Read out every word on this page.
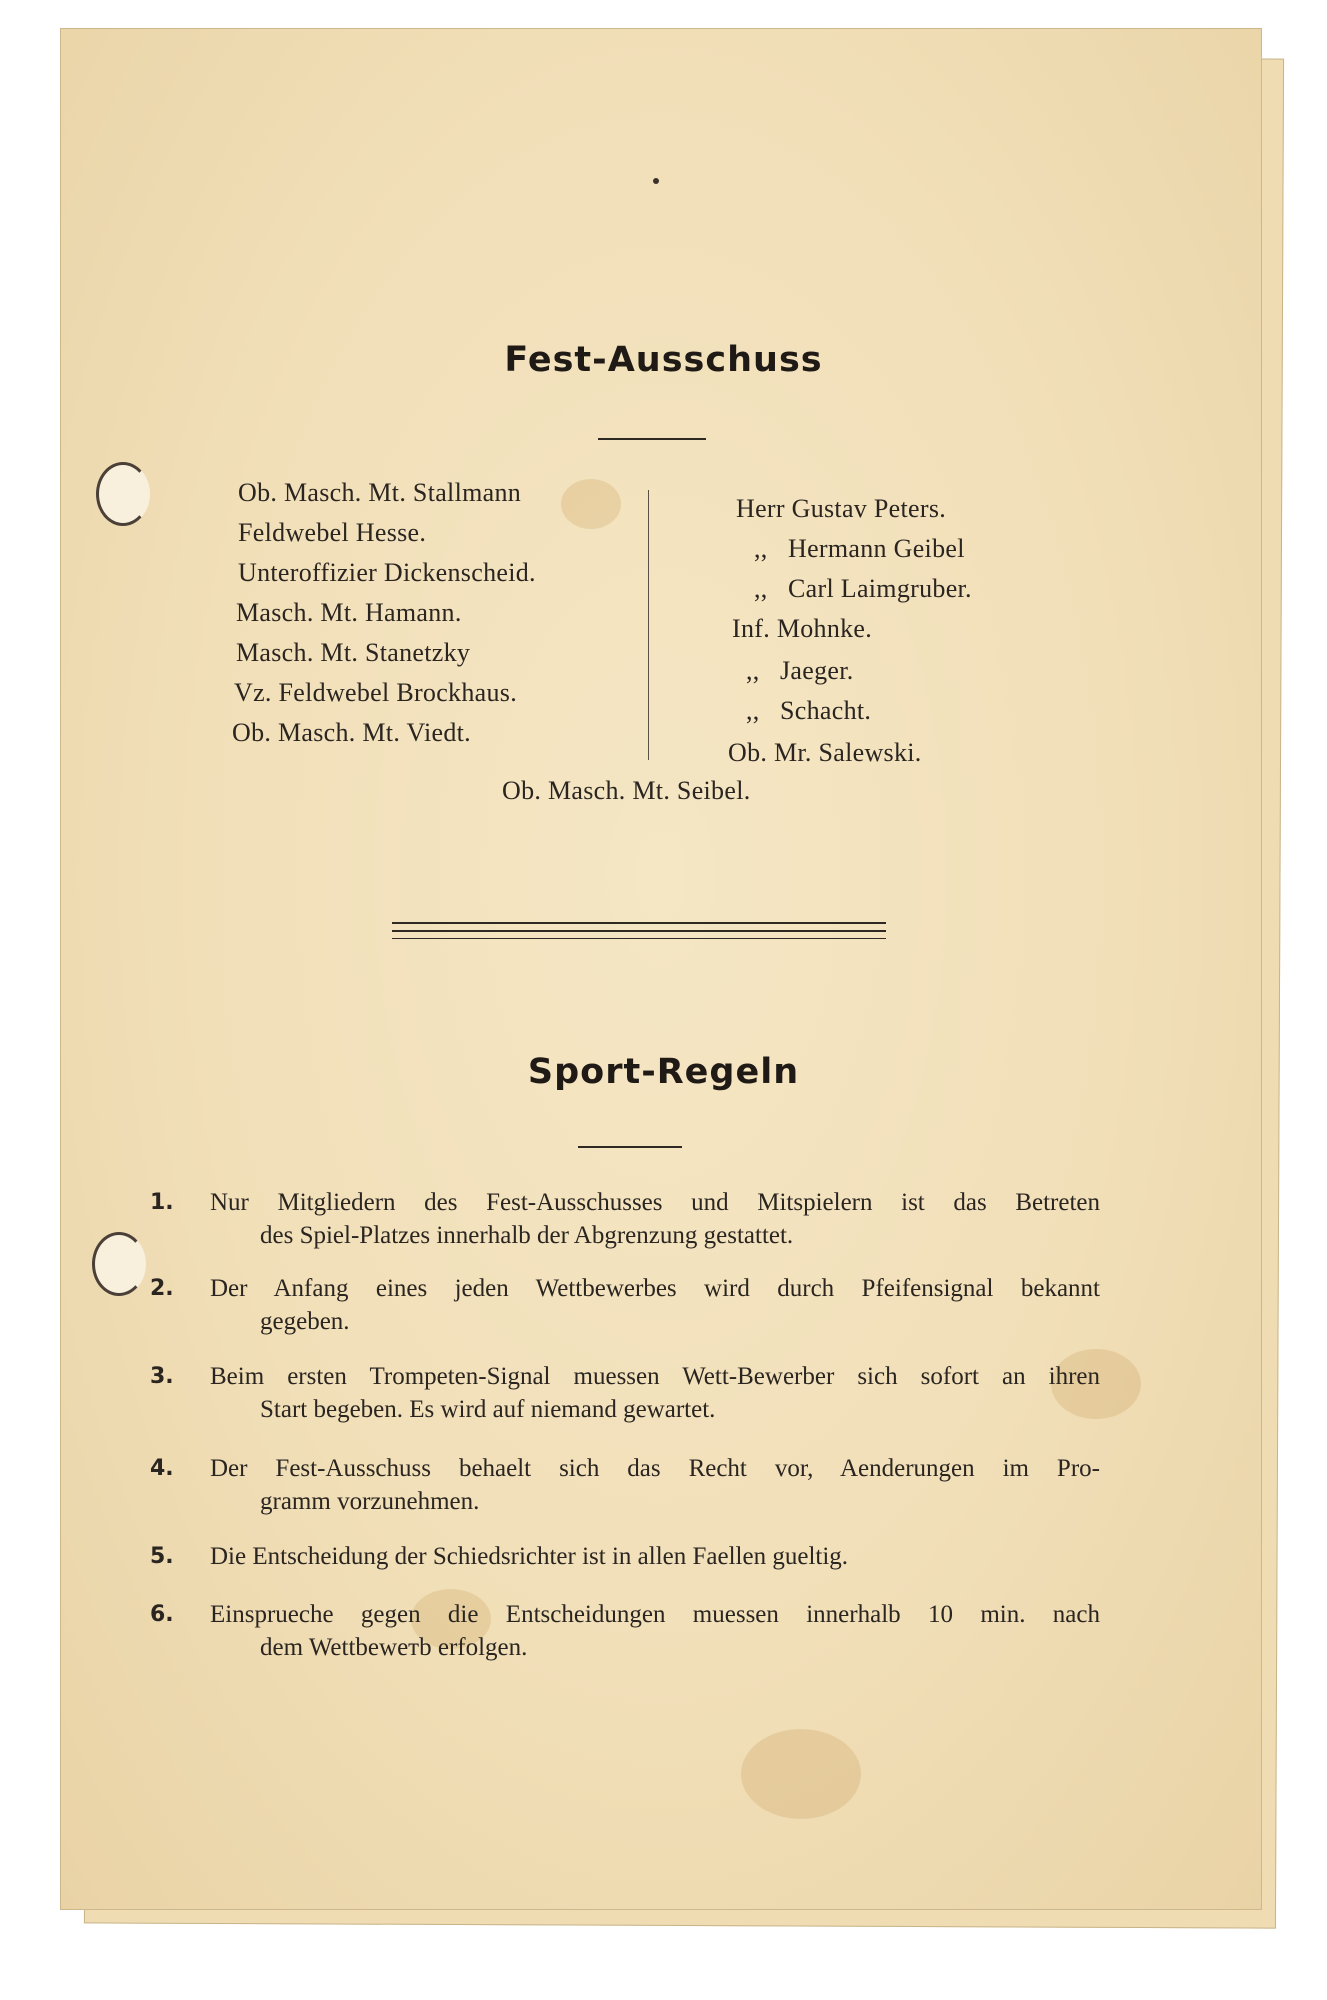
Fest-Ausschuss
Ob. Masch. Mt. Stallmann
Feldwebel Hesse.
Unteroffizier Dickenscheid.
Masch. Mt. Hamann.
Masch. Mt. Stanetzky
Vz. Feldwebel Brockhaus.
Ob. Masch. Mt. Viedt.
Herr Gustav Peters.
,, Hermann Geibel
,, Carl Laimgruber.
Inf. Mohnke.
,, Jaeger.
,, Schacht.
Ob. Mr. Salewski.
Ob. Masch. Mt. Seibel.
Sport-Regeln
1. Nur Mitgliedern des Fest-Ausschusses und Mitspielern ist das Betreten
des Spiel-Platzes innerhalb der Abgrenzung gestattet.
2. Der Anfang eines jeden Wettbewerbes wird durch Pfeifensignal bekannt
gegeben.
3. Beim ersten Trompeten-Signal muessen Wett-Bewerber sich sofort an ihren
Start begeben. Es wird auf niemand gewartet.
4. Der Fest-Ausschuss behaelt sich das Recht vor, Aenderungen im Pro-
gramm vorzunehmen.
5. Die Entscheidung der Schiedsrichter ist in allen Faellen gueltig.
6. Einsprueche gegen die Entscheidungen muessen innerhalb 10 min. nach
dem Wettbeweтb erfolgen.
